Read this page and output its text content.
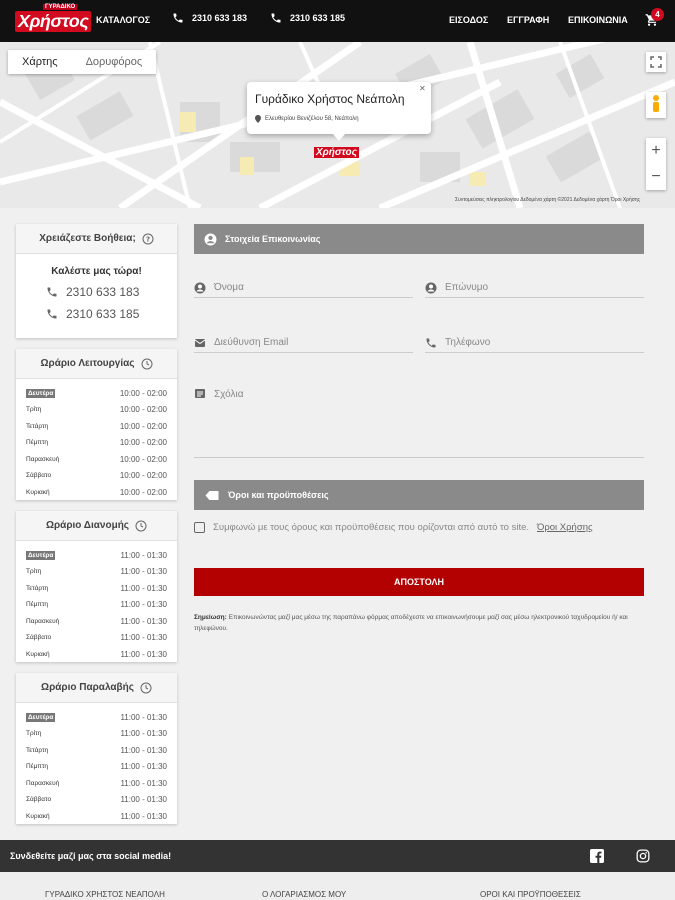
ΓΥΡΑΔΙΚΟ
Χρήστος ΚΑΤΑΛΟΓΟΣ	2310 633 183	2310 633 185	ΕΙΣΟΔΟΣ ΕΓΓΡΑΦΗ ΕΠΙΚΟΙΝΩΝΙΑ
4
Χάρτης	Δορυφόρος
+
−
Γυράδικο Χρήστος Νεάπολη
Ελευθερίου Βενιζέλου 58, Νεάπολη
✕
Χρήστος
Συντομεύσεις πληκτρολογίου Δεδομένα χάρτη ©2021 Δεδομένα χάρτη Όροι Χρήσης
Χρειάζεστε Βοήθεια; ?
Καλέστε μας τώρα!
2310 633 183
2310 633 185
Ωράριο Λειτουργίας
Δευτέρα	10:00 - 02:00
Τρίτη	10:00 - 02:00
Τετάρτη	10:00 - 02:00
Πέμπτη	10:00 - 02:00
Παρασκευή	10:00 - 02:00
Σάββατο	10:00 - 02:00
Κυριακή	10:00 - 02:00
Ωράριο Διανομής
Δευτέρα	11:00 - 01:30
Τρίτη	11:00 - 01:30
Τετάρτη	11:00 - 01:30
Πέμπτη	11:00 - 01:30
Παρασκευή	11:00 - 01:30
Σάββατο	11:00 - 01:30
Κυριακή	11:00 - 01:30
Ωράριο Παραλαβής
Δευτέρα	11:00 - 01:30
Τρίτη	11:00 - 01:30
Τετάρτη	11:00 - 01:30
Πέμπτη	11:00 - 01:30
Παρασκευή	11:00 - 01:30
Σάββατο	11:00 - 01:30
Κυριακή	11:00 - 01:30
Στοιχεία Επικοινωνίας
Όνομα	Επώνυμο
Διεύθυνση Email	Τηλέφωνο
Σχόλια
Όροι και προϋποθέσεις
Συμφωνώ με τους όρους και προϋποθέσεις που ορίζονται από αυτό το site. Όροι Χρήσης
ΑΠΟΣΤΟΛΗ
Σημείωση: Επικοινωνώντας μαζί μας μέσω της παραπάνω φόρμας αποδέχεστε να επικοινωνήσουμε μαζί σας μέσω ηλεκτρονικού ταχυδρομείου ή/ και τηλεφώνου.
Συνδεθείτε μαζί μας στα social media!
ΓΥΡΑΔΙΚΟ ΧΡΗΣΤΟΣ ΝΕΑΠΟΛΗ	Ο ΛΟΓΑΡΙΑΣΜΟΣ ΜΟΥ	ΟΡΟΙ ΚΑΙ ΠΡΟΫΠΟΘΕΣΕΙΣ
